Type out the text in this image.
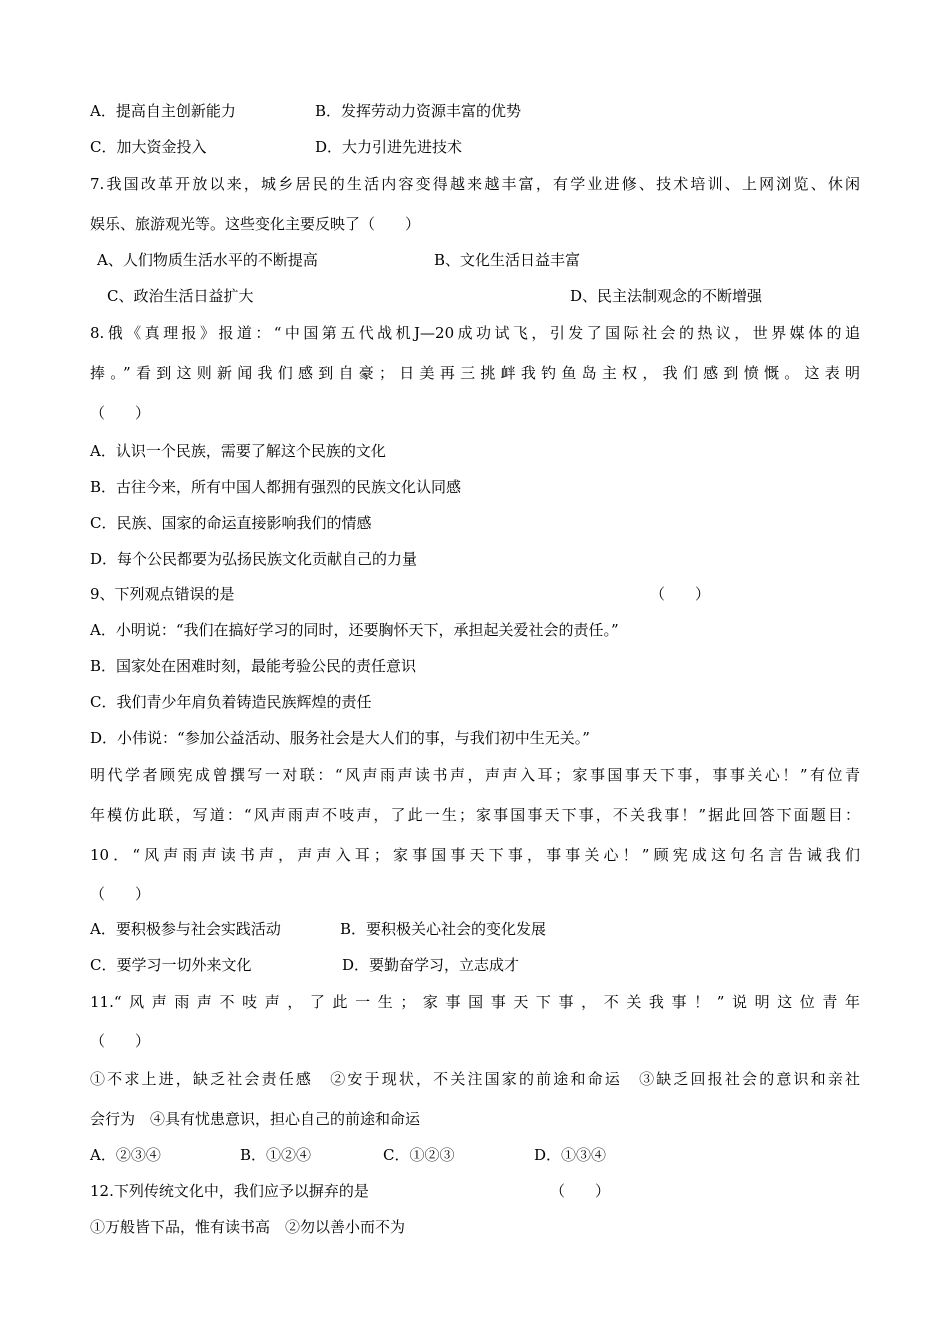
A．提高自主创新能力	B．发挥劳动力资源丰富的优势
C．加大资金投入	D．大力引进先进技术
7.我国改革开放以来，城乡居民的生活内容变得越来越丰富，有学业进修、技术培训、上网浏览、休闲
娱乐、旅游观光等。这些变化主要反映了（　　）
A、人们物质生活水平的不断提高	B、文化生活日益丰富
C、政治生活日益扩大	D、民主法制观念的不断增强
8.俄《真理报》报道：“中国第五代战机J—20成功试飞，引发了国际社会的热议，世界媒体的追
捧。”看到这则新闻我们感到自豪；日美再三挑衅我钓鱼岛主权，我们感到愤慨。这表明
（　　）
A．认识一个民族，需要了解这个民族的文化
B．古往今来，所有中国人都拥有强烈的民族文化认同感
C．民族、国家的命运直接影响我们的情感
D．每个公民都要为弘扬民族文化贡献自己的力量
9、下列观点错误的是	（　　）
A．小明说：“我们在搞好学习的同时，还要胸怀天下，承担起关爱社会的责任。”
B．国家处在困难时刻，最能考验公民的责任意识
C．我们青少年肩负着铸造民族辉煌的责任
D．小伟说：“参加公益活动、服务社会是大人们的事，与我们初中生无关。”
明代学者顾宪成曾撰写一对联：“风声雨声读书声，声声入耳；家事国事天下事，事事关心！”有位青
年模仿此联，写道：“风声雨声不吱声，了此一生；家事国事天下事，不关我事！”据此回答下面题目：
10．“风声雨声读书声，声声入耳；家事国事天下事，事事关心！”顾宪成这句名言告诫我们
（　　）
A．要积极参与社会实践活动	B．要积极关心社会的变化发展
C．要学习一切外来文化	D．要勤奋学习，立志成才
11.“风声雨声不吱声，了此一生；家事国事天下事，不关我事！”说明这位青年
（　　）
①不求上进，缺乏社会责任感　②安于现状，不关注国家的前途和命运　③缺乏回报社会的意识和亲社
会行为　④具有忧患意识，担心自己的前途和命运
A．②③④	B．①②④	C．①②③	D．①③④
12.下列传统文化中，我们应予以摒弃的是	（　　）
①万般皆下品，惟有读书高　②勿以善小而不为
